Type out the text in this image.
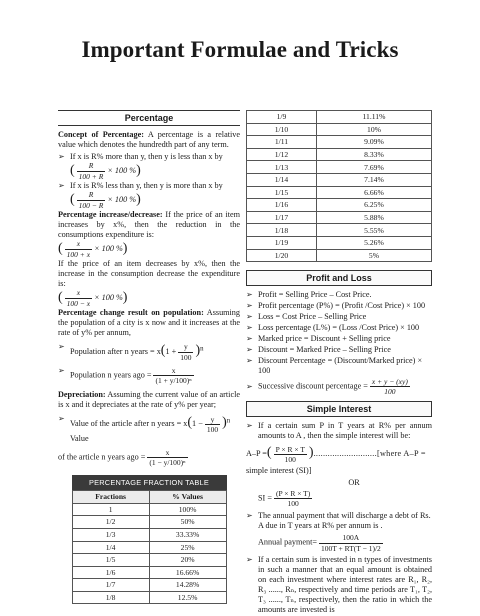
Important Formulae and Tricks
Percentage

Concept of Percentage: A percentage is a relative value which denotes the hundredth part of any term.

➢ If x is R% more than y, then y is less than x by
( $\frac{R}{100 + R} \times 100$ % )
➢ If x is R% less than y, then y is more than x by
( $\frac{R}{100 - R} \times 100$ % )

Percentage increase/decrease: If the price of an item increases by x%, then the reduction in the consumptions expenditure is:

( $\frac{x}{100 + x} \times 100$ % )

If the price of an item decreases by x%, then the increase in the consumption decrease the expenditure is:

( $\frac{x}{100 - x} \times 100$ % )

Percentage change result on population: Assuming the population of a city is x now and it increases at the rate of y% per annum,

➢
Population after n years = $x(1 + \frac{y}{100} )^n$
➢
Population n years ago = $\frac{x}{\text{(1 + y/100)ⁿ}}$

Depreciation: Assuming the current value of an article is x and it depreciates at the rate of y% per year;

➢
Value of the article after n years = $x(1 - \frac{y}{100} )^n$ Value

of the article n years ago = $\frac{x}{\text{(1 − y/100)ⁿ}}$

PERCENTAGE FRACTION TABLE
Fractions	% Values
1	100%
1/2	50%
1/3	33.33%
1/4	25%
1/5	20%
1/6	16.66%
1/7	14.28%
1/8	12.5%
1/9	11.11%
1/10	10%
1/11	9.09%
1/12	8.33%
1/13	7.69%
1/14	7.14%
1/15	6.66%
1/16	6.25%
1/17	5.88%
1/18	5.55%
1/19	5.26%
1/20	5%
Profit and Loss
➢ Profit = Selling Price – Cost Price.
➢ Profit percentage (P%) = (Profit /Cost Price) × 100
➢ Loss = Cost Price – Selling Price
➢ Loss percentage (L%) = (Loss /Cost Price) × 100
➢ Marked price = Discount + Selling price
➢ Discount = Marked Price – Selling Price
➢ Discount Percentage = (Discount/Marked price) × 100
➢ Successive discount percentage = $\frac{x + y - (xy)}{100}$
Simple Interest
➢ If a certain sum P in T years at R% per annum amounts to A , then the simple interest will be:

A–P =( $\frac{P \times R \times T}{100}$ )...........................[where A–P =

simple interest (SI)]

OR

SI = $\frac{(P \times R \times T)}{100}$

➢ The annual payment that will discharge a debt of Rs. A due in T years at R% per annum is .

Annual payment= $\frac{100A}{100T + RT(T - 1)/2}$

➢ If a certain sum is invested in n types of investments in such a manner that an equal amount is obtained on each investment where interest rates are R₁, R₂, R₃ ......, Rₙ, respectively and time periods are T₁, T₂, T₃ ......, Tₙ, respectively, then the ratio in which the amounts are invested is
